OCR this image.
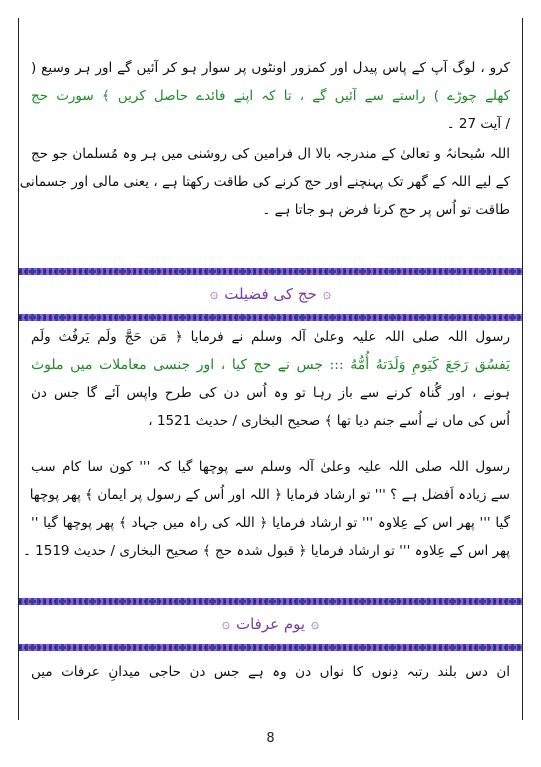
کرو ، لوگ آپ کے پاس پیدل اور کمزور اونٹوں پر سوار ہو کر آئیں گے اور ہر وسیع (
کھلے چوڑے ) راستے سے آئیں گے ، تا کہ اپنے فائدے حاصل کریں ﴾ سورت حج
/ آیت 27 ۔
اللہ سُبحانہُ و تعالیٰ کے مندرجہ بالا ال فرامین کی روشنی میں ہر وہ مُسلمان جو حج
کے لیے اللہ کے گھر تک پہنچنے اور حج کرنے کی طاقت رکھتا ہے ، یعنی مالی اور جسمانی
طاقت تو اُس پر حج کرنا فرض ہو جاتا ہے ۔
۞
حج کی فضیلت
۞
رسول اللہ صلی اللہ علیہ وعلیٰ آلہ وسلم نے فرمایا ﴿ مَن حَجَّ ولَم یَرفُث ولَم
یَفسُق رَجَعَ کَیَومِ وَلَدَتهُ أُمُّهُ ::: جس نے حج کیا ، اور جنسی معاملات میں ملوث
ہونے ، اور گُناہ کرنے سے باز رہا تو وہ اُس دن کی طرح واپس آئے گا جس دن
اُس کی ماں نے اُسے جنم دیا تھا ﴾ صحیح البخاری / حدیث 1521 ،
رسول اللہ صلی اللہ علیہ وعلیٰ آلہ وسلم سے پوچھا گیا کہ ''' کون سا کام سب
سے زیادہ اَفضل ہے ؟ ''' تو ارشاد فرمایا ﴿ اللہ اور اُس کے رسول پر ایمان ﴾ پھر پوچھا
گیا ''' پھر اس کے عِلاوہ ''' تو ارشاد فرمایا ﴿ اللہ کی راہ میں جہاد ﴾ پھر پوچھا گیا ''
پھر اس کے عِلاوہ ''' تو ارشاد فرمایا ﴿ قبول شدہ حج ﴾ صحیح البخاری / حدیث 1519 ۔
۞
یوم عرفات
۞
ان دس بلند رتبہ دِنوں کا نواں دن وہ ہے جس دن حاجی میدانِ عرفات میں
8
